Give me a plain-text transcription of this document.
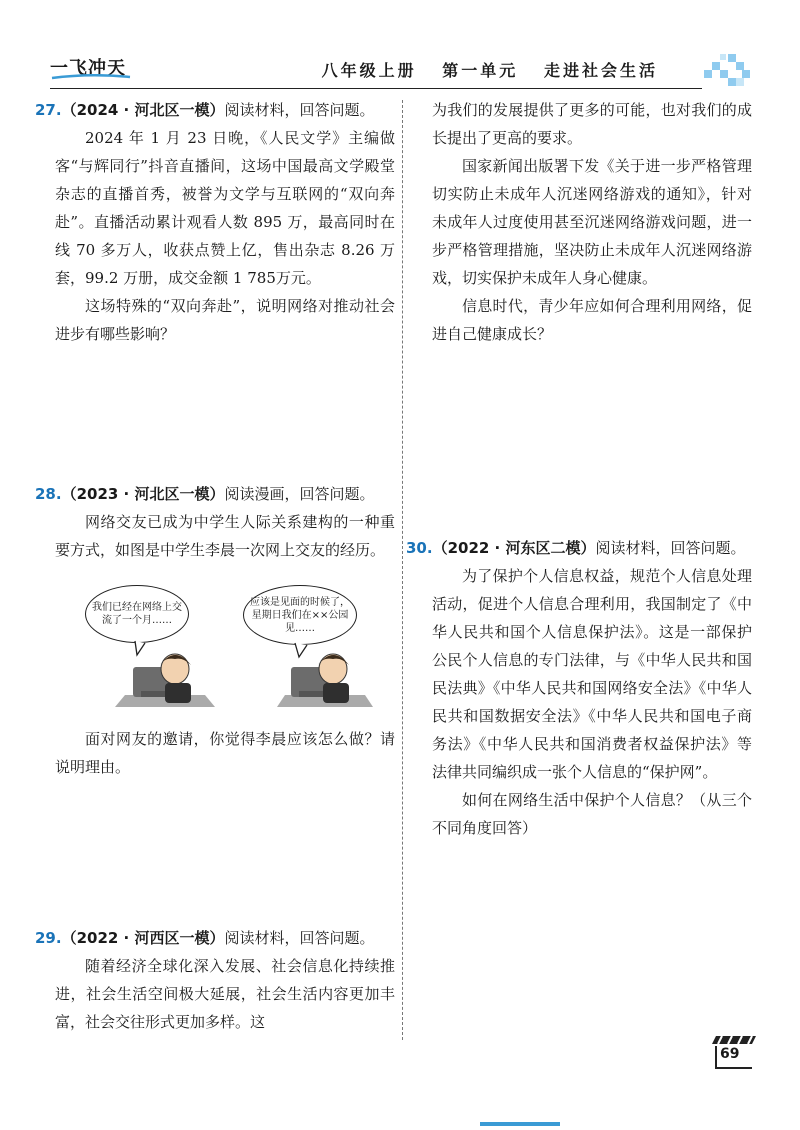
一飞冲天	八年级上册   第一单元   走进社会生活
27.（2024 · 河北区一模）阅读材料，回答问题。

2024 年 1 月 23 日晚，《人民文学》主编做客“与辉同行”抖音直播间，这场中国最高文学殿堂杂志的直播首秀，被誉为文学与互联网的“双向奔赴”。直播活动累计观看人数 895 万，最高同时在线 70 多万人，收获点赞上亿，售出杂志 8.26 万套，99.2 万册，成交金额 1 785万元。

这场特殊的“双向奔赴”，说明网络对推动社会进步有哪些影响？

28.（2023 · 河北区一模）阅读漫画，回答问题。

网络交友已成为中学生人际关系建构的一种重要方式，如图是中学生李晨一次网上交友的经历。

我们已经在网络上交流了一个月……
应该是见面的时候了，星期日我们在××公园见……

面对网友的邀请，你觉得李晨应该怎么做？请说明理由。

29.（2022 · 河西区一模）阅读材料，回答问题。

随着经济全球化深入发展、社会信息化持续推进，社会生活空间极大延展，社会生活内容更加丰富，社会交往形式更加多样。这

为我们的发展提供了更多的可能，也对我们的成长提出了更高的要求。

国家新闻出版署下发《关于进一步严格管理切实防止未成年人沉迷网络游戏的通知》，针对未成年人过度使用甚至沉迷网络游戏问题，进一步严格管理措施，坚决防止未成年人沉迷网络游戏，切实保护未成年人身心健康。

信息时代，青少年应如何合理利用网络，促进自己健康成长？

30.（2022 · 河东区二模）阅读材料，回答问题。

为了保护个人信息权益，规范个人信息处理活动，促进个人信息合理利用，我国制定了《中华人民共和国个人信息保护法》。这是一部保护公民个人信息的专门法律，与《中华人民共和国民法典》《中华人民共和国网络安全法》《中华人民共和国数据安全法》《中华人民共和国电子商务法》《中华人民共和国消费者权益保护法》等法律共同编织成一张个人信息的“保护网”。

如何在网络生活中保护个人信息？（从三个不同角度回答）

69
